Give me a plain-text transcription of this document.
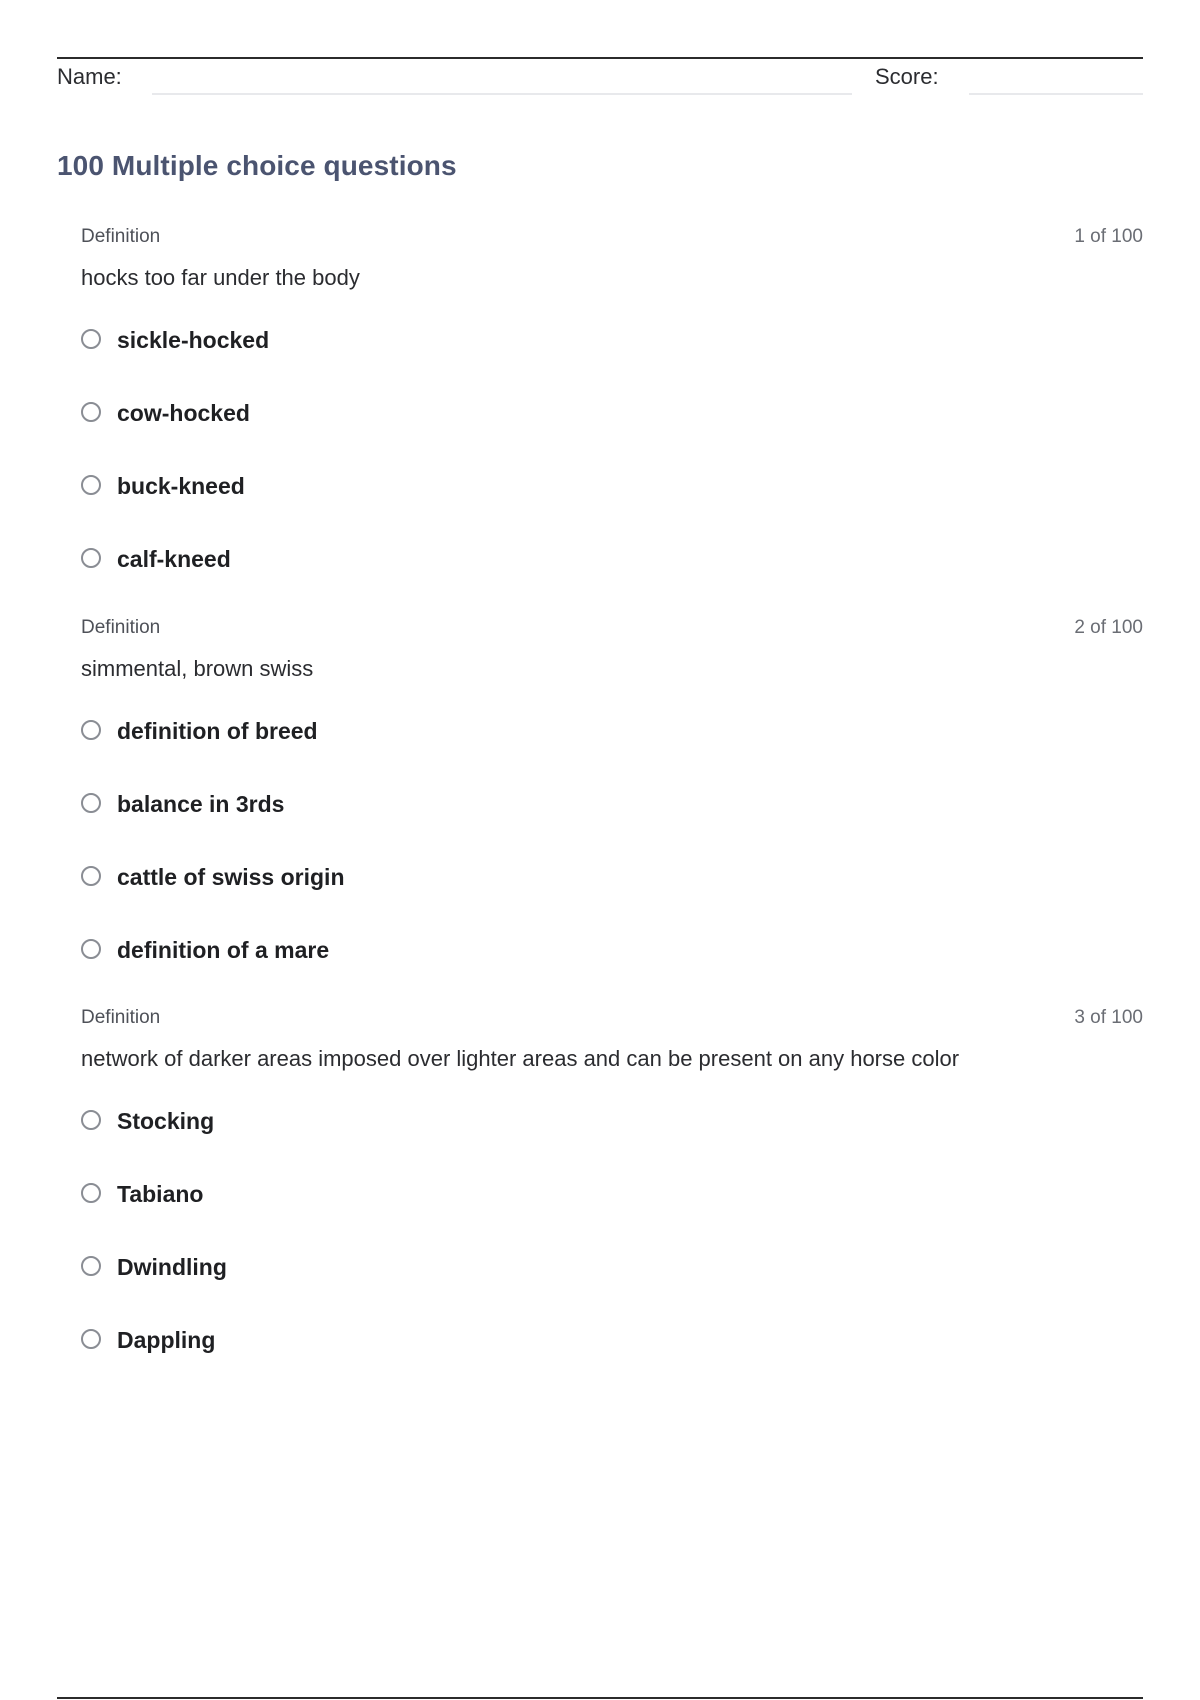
Name:	Score:
100 Multiple choice questions
Definition	1 of 100
hocks too far under the body
sickle-hocked
cow-hocked
buck-kneed
calf-kneed
Definition	2 of 100
simmental, brown swiss
definition of breed
balance in 3rds
cattle of swiss origin
definition of a mare
Definition	3 of 100
network of darker areas imposed over lighter areas and can be present on any horse color
Stocking
Tabiano
Dwindling
Dappling
